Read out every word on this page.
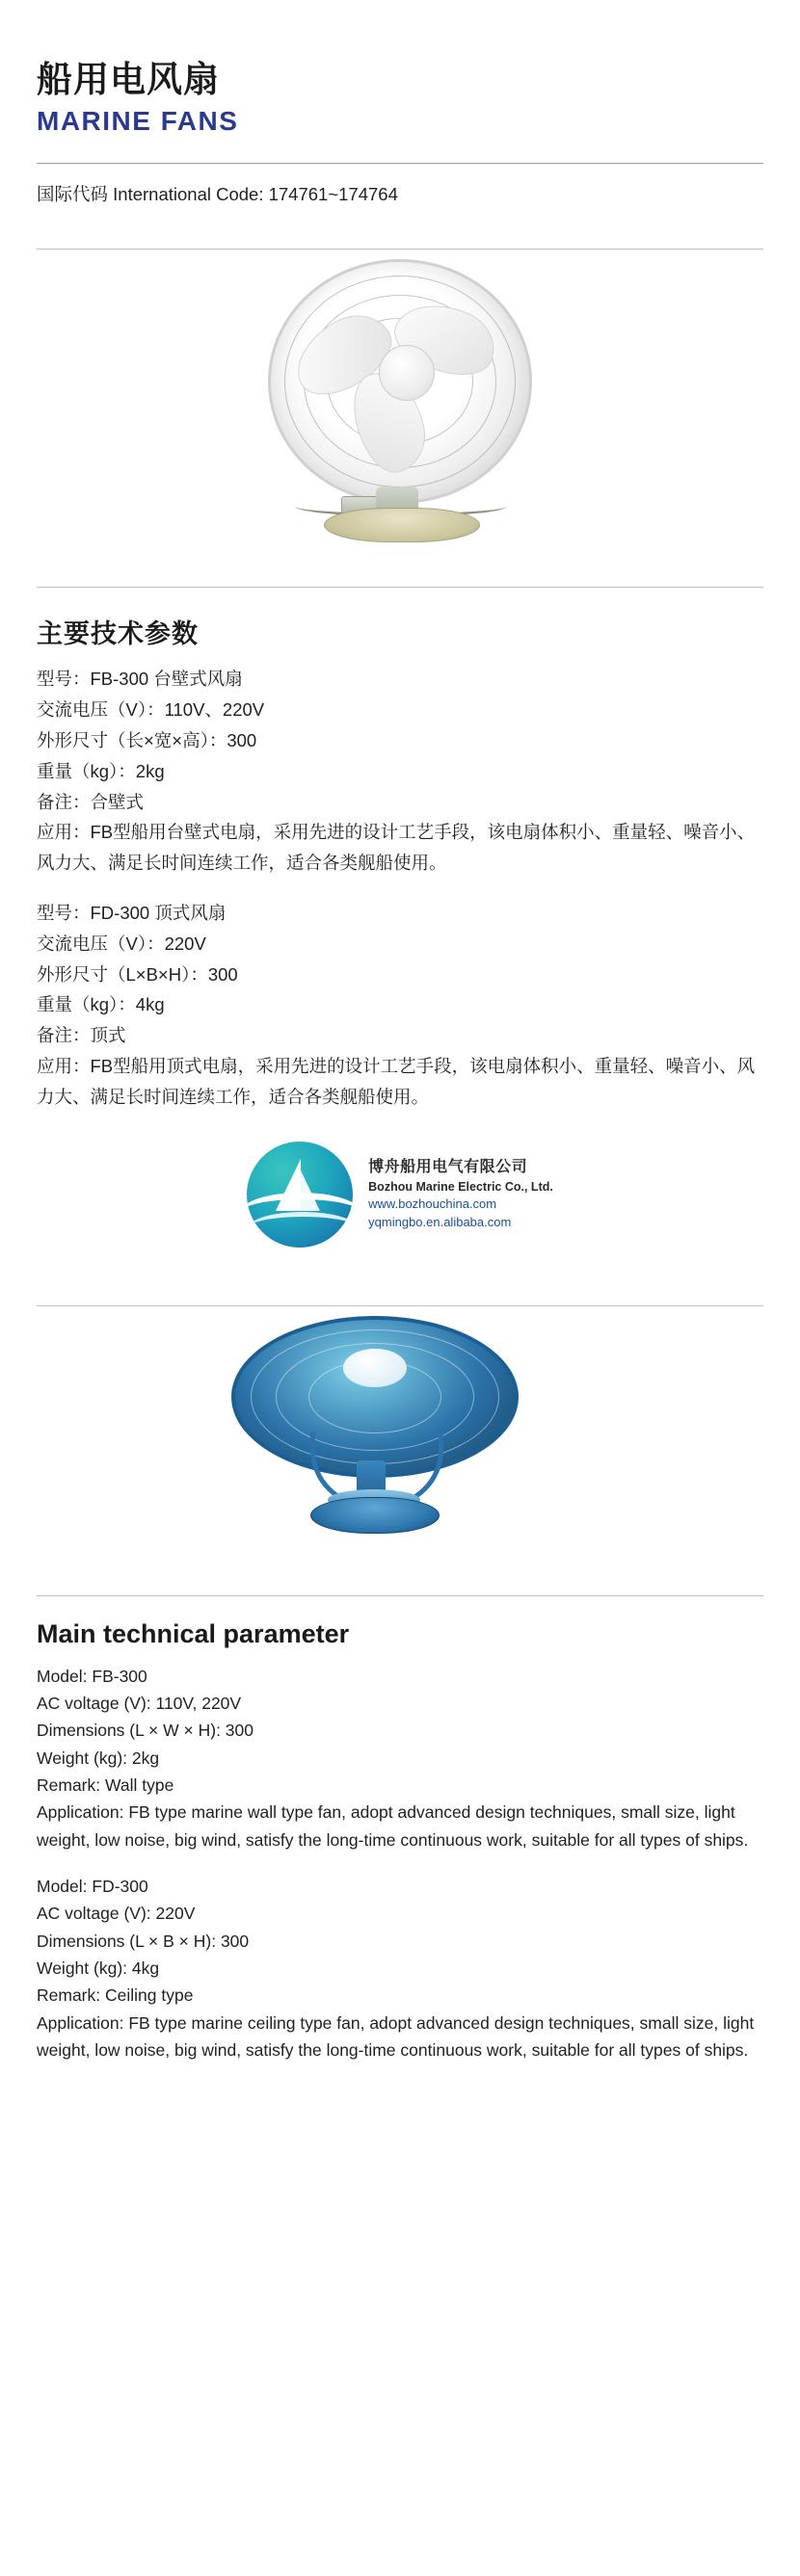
船用电风扇
MARINE FANS
国际代码 International Code: 174761~174764
主要技术参数

型号：FB-300 台壁式风扇

交流电压（V）：110V、220V

外形尺寸（长×宽×高）：300

重量（kg）：2kg

备注：合壁式

应用：FB型船用台壁式电扇，采用先进的设计工艺手段，该电扇体积小、重量轻、噪音小、风力大、满足长时间连续工作，适合各类舰船使用。

型号：FD-300 顶式风扇

交流电压（V）：220V

外形尺寸（L×B×H）：300

重量（kg）：4kg

备注：顶式

应用：FB型船用顶式电扇，采用先进的设计工艺手段，该电扇体积小、重量轻、噪音小、风力大、满足长时间连续工作，适合各类舰船使用。

博舟船用电气有限公司
Bozhou Marine Electric Co., Ltd.
www.bozhouchina.com
yqmingbo.en.alibaba.com
Main technical parameter

Model: FB-300

AC voltage (V): 110V, 220V

Dimensions (L × W × H): 300

Weight (kg): 2kg

Remark: Wall type

Application: FB type marine wall type fan, adopt advanced design techniques, small size, light weight, low noise, big wind, satisfy the long-time continuous work, suitable for all types of ships.

Model: FD-300

AC voltage (V): 220V

Dimensions (L × B × H): 300

Weight (kg): 4kg

Remark: Ceiling type

Application: FB type marine ceiling type fan, adopt advanced design techniques, small size, light weight, low noise, big wind, satisfy the long-time continuous work, suitable for all types of ships.
